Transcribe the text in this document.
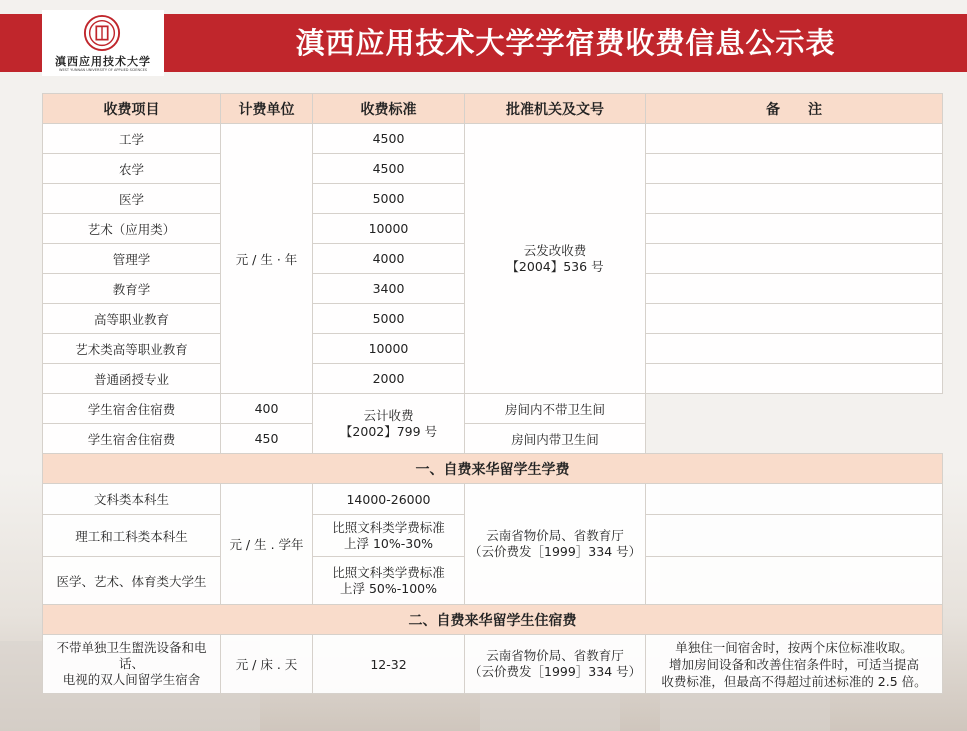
滇西应用技术大学
WEST YUNNAN UNIVERSITY OF APPLIED SCIENCES
滇西应用技术大学学宿费收费信息公示表
收费项目	计费单位	收费标准	批准机关及文号	备　　注
工学	元 / 生 · 年	4500	云发改收费
【2004】536 号	
农学		4500		
医学		5000		
艺术（应用类）		10000		
管理学		4000		
教育学		3400		
高等职业教育		5000		
艺术类高等职业教育		10000		
普通函授专业		2000		
学生宿舍住宿费	400	云计收费
【2002】799 号	房间内不带卫生间	
学生宿舍住宿费	450		房间内带卫生间	
一、自费来华留学生学费				
文科类本科生	元 / 生 . 学年	14000-26000	云南省物价局、省教育厅
（云价费发［1999］334 号）	
理工和工科类本科生		比照文科类学费标准
上浮 10%-30%		
医学、艺术、体育类大学生		比照文科类学费标准
上浮 50%-100%		
二、自费来华留学生住宿费				
不带单独卫生盥洗设备和电话、
电视的双人间留学生宿舍	元 / 床 . 天	12-32	云南省物价局、省教育厅
（云价费发［1999］334 号）	单独住一间宿舍时，按两个床位标准收取。
增加房间设备和改善住宿条件时，可适当提高
收费标准，但最高不得超过前述标准的 2.5 倍。
